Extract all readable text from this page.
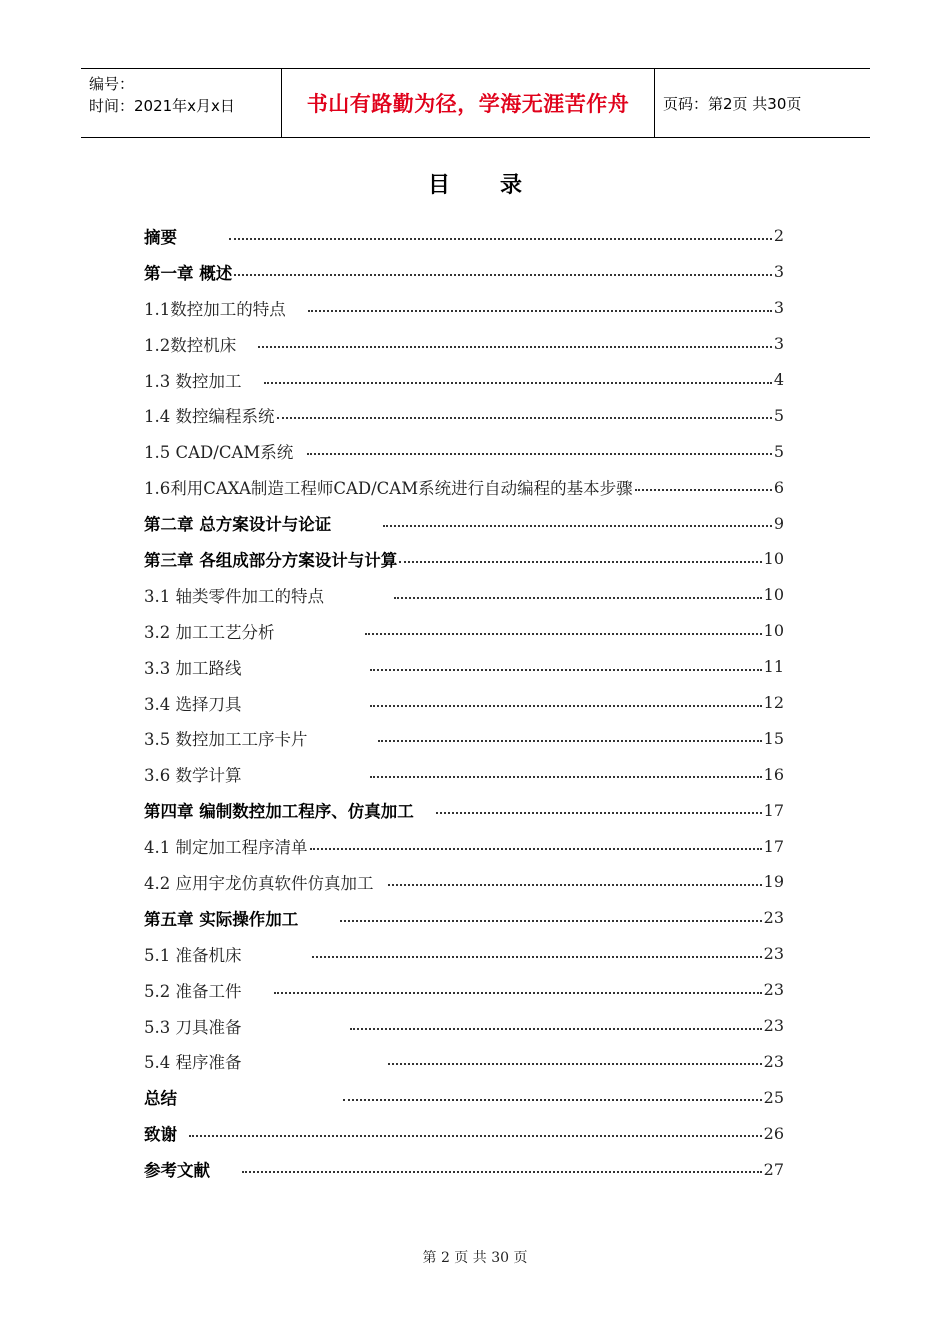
编号：
时间：2021年x月x日	书山有路勤为径，学海无涯苦作舟	页码：第2页 共30页
目录
摘要	2
第一章 概述	3
1.1数控加工的特点	3
1.2数控机床	3
1.3 数控加工	4
1.4 数控编程系统	5
1.5 CAD/CAM系统	5
1.6利用CAXA制造工程师CAD/CAM系统进行自动编程的基本步骤	6
第二章 总方案设计与论证	9
第三章 各组成部分方案设计与计算	10
3.1 轴类零件加工的特点	10
3.2 加工工艺分析	10
3.3 加工路线	11
3.4 选择刀具	12
3.5 数控加工工序卡片	15
3.6 数学计算	16
第四章 编制数控加工程序、仿真加工	17
4.1 制定加工程序清单	17
4.2 应用宇龙仿真软件仿真加工	19
第五章 实际操作加工	23
5.1 准备机床	23
5.2 准备工件	23
5.3 刀具准备	23
5.4 程序准备	23
总结	25
致谢	26
参考文献	27
第 2 页 共 30 页
